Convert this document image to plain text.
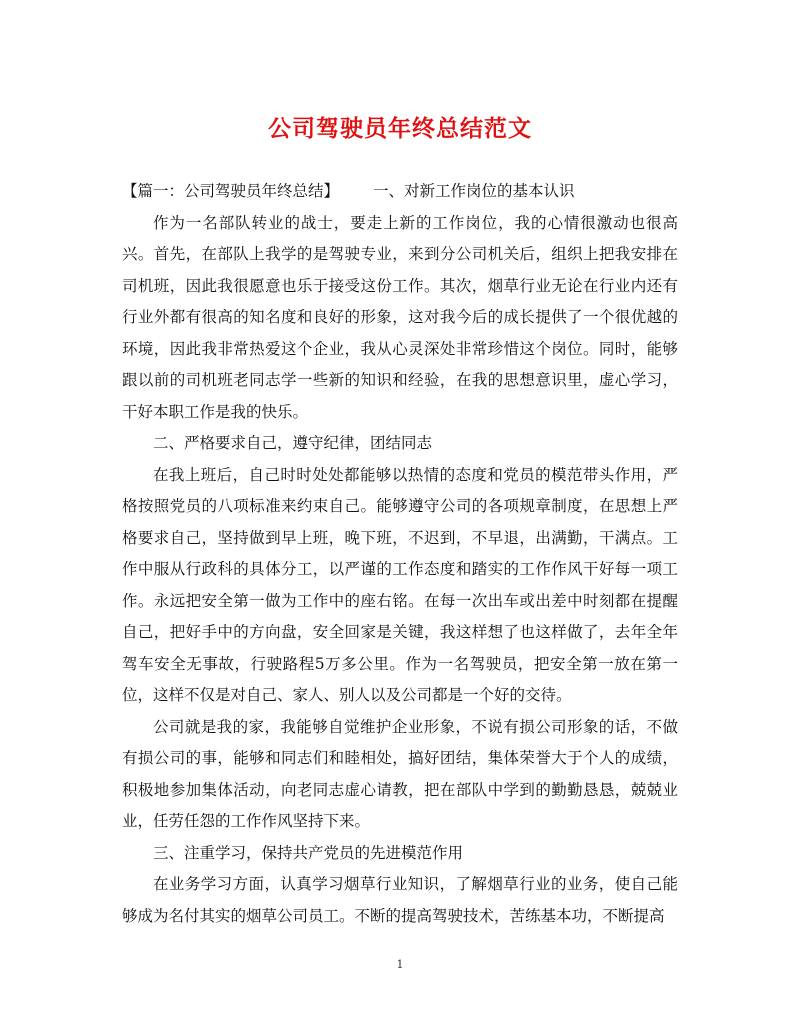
公司驾驶员年终总结范文

【篇一：公司驾驶员年终总结】 一、对新工作岗位的基本认识

作为一名部队转业的战士，要走上新的工作岗位，我的心情很激动也很高兴。首先，在部队上我学的是驾驶专业，来到分公司机关后，组织上把我安排在司机班，因此我很愿意也乐于接受这份工作。其次，烟草行业无论在行业内还有行业外都有很高的知名度和良好的形象，这对我今后的成长提供了一个很优越的环境，因此我非常热爱这个企业，我从心灵深处非常珍惜这个岗位。同时，能够跟以前的司机班老同志学一些新的知识和经验，在我的思想意识里，虚心学习，干好本职工作是我的快乐。

二、严格要求自己，遵守纪律，团结同志

在我上班后，自己时时处处都能够以热情的态度和党员的模范带头作用，严格按照党员的八项标准来约束自己。能够遵守公司的各项规章制度，在思想上严格要求自己，坚持做到早上班，晚下班，不迟到，不早退，出满勤，干满点。工作中服从行政科的具体分工，以严谨的工作态度和踏实的工作作风干好每一项工作。永远把安全第一做为工作中的座右铭。在每一次出车或出差中时刻都在提醒自己，把好手中的方向盘，安全回家是关键，我这样想了也这样做了，去年全年驾车安全无事故，行驶路程5万多公里。作为一名驾驶员，把安全第一放在第一位，这样不仅是对自己、家人、别人以及公司都是一个好的交待。

公司就是我的家，我能够自觉维护企业形象，不说有损公司形象的话，不做有损公司的事，能够和同志们和睦相处，搞好团结，集体荣誉大于个人的成绩，积极地参加集体活动，向老同志虚心请教，把在部队中学到的勤勤恳恳，兢兢业业，任劳任怨的工作作风坚持下来。

三、注重学习，保持共产党员的先进模范作用

在业务学习方面，认真学习烟草行业知识，了解烟草行业的业务，使自己能够成为名付其实的烟草公司员工。不断的提高驾驶技术，苦练基本功，不断提高

1
